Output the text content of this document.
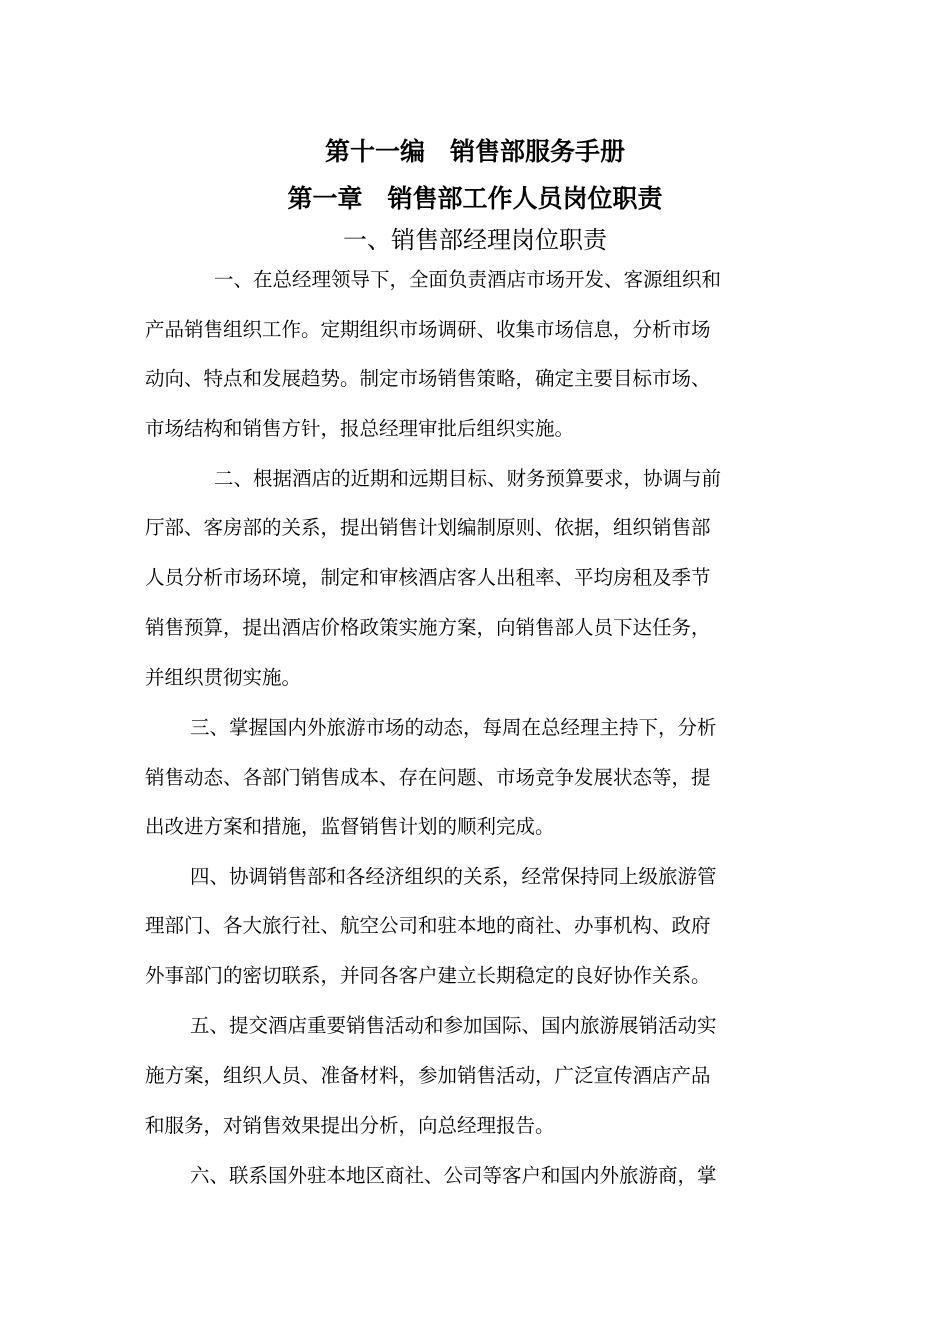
第十一编　销售部服务手册
第一章　销售部工作人员岗位职责
一、销售部经理岗位职责
一、在总经理领导下，全面负责酒店市场开发、客源组织和
产品销售组织工作。定期组织市场调研、收集市场信息，分析市场
动向、特点和发展趋势。制定市场销售策略，确定主要目标市场、
市场结构和销售方针，报总经理审批后组织实施。
二、根据酒店的近期和远期目标、财务预算要求，协调与前
厅部、客房部的关系，提出销售计划编制原则、依据，组织销售部
人员分析市场环境，制定和审核酒店客人出租率、平均房租及季节
销售预算，提出酒店价格政策实施方案，向销售部人员下达任务，
并组织贯彻实施。
三、掌握国内外旅游市场的动态，每周在总经理主持下，分析
销售动态、各部门销售成本、存在问题、市场竞争发展状态等，提
出改进方案和措施，监督销售计划的顺利完成。
四、协调销售部和各经济组织的关系，经常保持同上级旅游管
理部门、各大旅行社、航空公司和驻本地的商社、办事机构、政府
外事部门的密切联系，并同各客户建立长期稳定的良好协作关系。
五、提交酒店重要销售活动和参加国际、国内旅游展销活动实
施方案，组织人员、准备材料，参加销售活动，广泛宣传酒店产品
和服务，对销售效果提出分析，向总经理报告。
六、联系国外驻本地区商社、公司等客户和国内外旅游商，掌
